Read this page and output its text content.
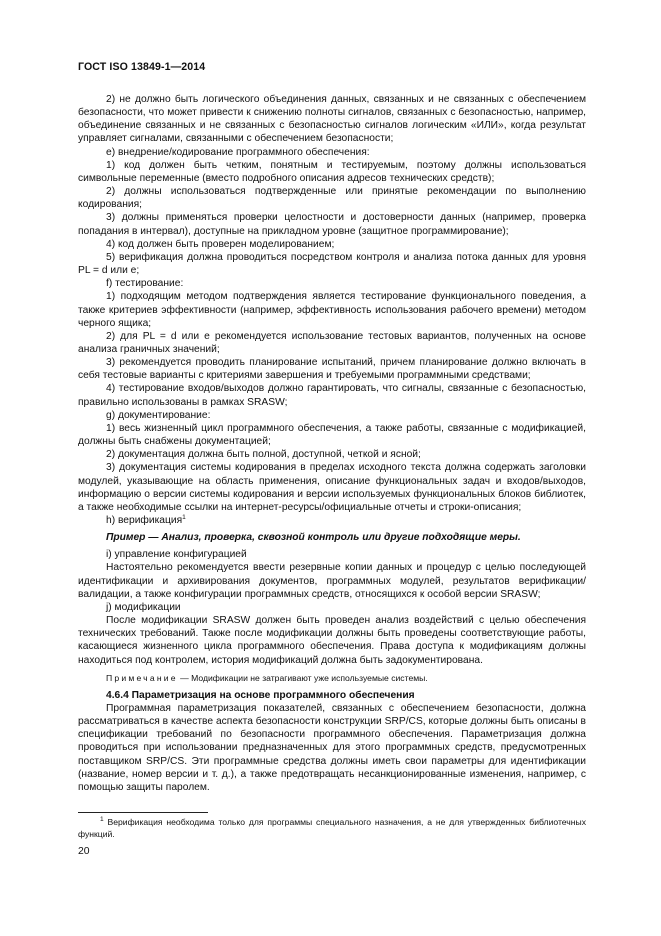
ГОСТ ISO 13849-1—2014

2) не должно быть логического объединения данных, связанных и не связанных с обеспечением безопасности, что может привести к снижению полноты сигналов, связанных с безопасностью, например, объединение связанных и не связанных с безопасностью сигналов логическим «ИЛИ», когда результат управляет сигналами, связанными с обеспечением безопасности;

е) внедрение/кодирование программного обеспечения:

1) код должен быть четким, понятным и тестируемым, поэтому должны использоваться символьные переменные (вместо подробного описания адресов технических средств);

2) должны использоваться подтвержденные или принятые рекомендации по выполнению кодирования;

3) должны применяться проверки целостности и достоверности данных (например, проверка попадания в интервал), доступные на прикладном уровне (защитное программирование);

4) код должен быть проверен моделированием;

5) верификация должна проводиться посредством контроля и анализа потока данных для уровня PL = d или e;

f) тестирование:

1) подходящим методом подтверждения является тестирование функционального поведения, а также критериев эффективности (например, эффективность использования рабочего времени) методом черного ящика;

2) для PL = d или e рекомендуется использование тестовых вариантов, полученных на основе анализа граничных значений;

3) рекомендуется проводить планирование испытаний, причем планирование должно включать в себя тестовые варианты с критериями завершения и требуемыми программными средствами;

4) тестирование входов/выходов должно гарантировать, что сигналы, связанные с безопасностью, правильно использованы в рамках SRASW;

g) документирование:

1) весь жизненный цикл программного обеспечения, а также работы, связанные с модификацией, должны быть снабжены документацией;

2) документация должна быть полной, доступной, четкой и ясной;

3) документация системы кодирования в пределах исходного текста должна содержать заголовки модулей, указывающие на область применения, описание функциональных задач и входов/выходов, информацию о версии системы кодирования и версии используемых функциональных блоков библиотек, а также необходимые ссылки на интернет-ресурсы/официальные отчеты и строки-описания;

h) верификация$^1$

Пример — Анализ, проверка, сквозной контроль или другие подходящие меры.

i) управление конфигурацией

Настоятельно рекомендуется ввести резервные копии данных и процедур с целью последующей идентификации и архивирования документов, программных модулей, результатов верификации/валидации, а также конфигурации программных средств, относящихся к особой версии SRASW;

j) модификации

После модификации SRASW должен быть проведен анализ воздействий с целью обеспечения технических требований. Также после модификации должны быть проведены соответствующие работы, касающиеся жизненного цикла программного обеспечения. Права доступа к модификациям должны находиться под контролем, история модификаций должна быть задокументирована.

Примечание — Модификации не затрагивают уже используемые системы.

4.6.4 Параметризация на основе программного обеспечения

Программная параметризация показателей, связанных с обеспечением безопасности, должна рассматриваться в качестве аспекта безопасности конструкции SRP/CS, которые должны быть описаны в спецификации требований по безопасности программного обеспечения. Параметризация должна проводиться при использовании предназначенных для этого программных средств, предусмотренных поставщиком SRP/CS. Эти программные средства должны иметь свои параметры для идентификации (название, номер версии и т. д.), а также предотвращать несанкционированные изменения, например, с помощью защиты паролем.

$^1$ Верификация необходима только для программы специального назначения, а не для утвержденных библиотечных функций.
20
